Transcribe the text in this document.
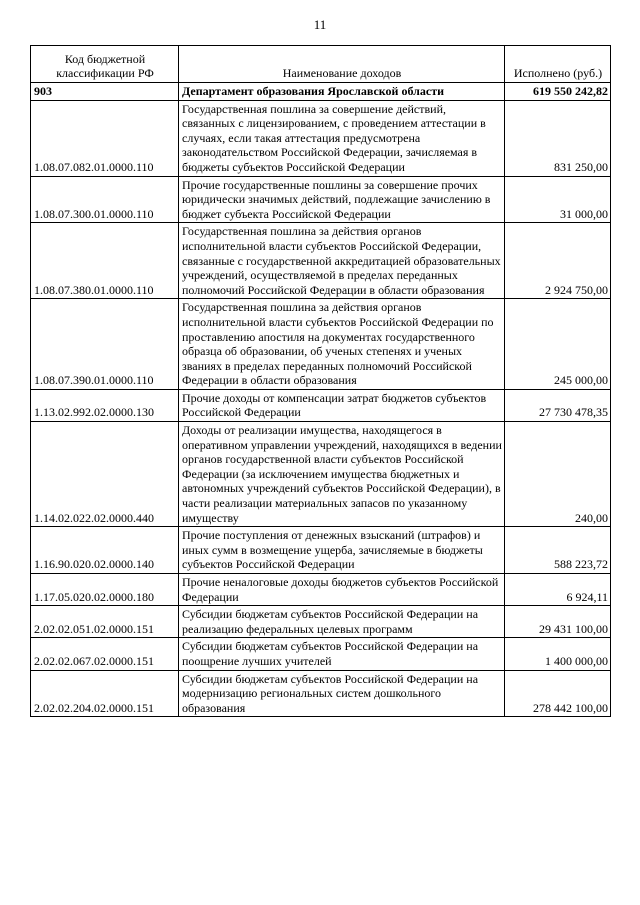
11
Код бюджетной классификации РФ	Наименование доходов	Исполнено (руб.)
903	Департамент образования Ярославской области	619 550 242,82
1.08.07.082.01.0000.110	Государственная пошлина за совершение действий, связанных с лицензированием, с проведением аттестации в случаях, если такая аттестация предусмотрена законодательством Российской Федерации, зачисляемая в бюджеты субъектов Российской Федерации	831 250,00
1.08.07.300.01.0000.110	Прочие государственные пошлины за совершение прочих юридически значимых действий, подлежащие зачислению в бюджет субъекта Российской Федерации	31 000,00
1.08.07.380.01.0000.110	Государственная пошлина за действия органов исполнительной власти субъектов Российской Федерации, связанные с государственной аккредитацией образовательных учреждений, осуществляемой в пределах переданных полномочий Российской Федерации в области образования	2 924 750,00
1.08.07.390.01.0000.110	Государственная пошлина за действия органов исполнительной власти субъектов Российской Федерации по проставлению апостиля на документах государственного образца об образовании, об ученых степенях и ученых званиях в пределах переданных полномочий Российской Федерации в области образования	245 000,00
1.13.02.992.02.0000.130	Прочие доходы от компенсации затрат бюджетов субъектов Российской Федерации	27 730 478,35
1.14.02.022.02.0000.440	Доходы от реализации имущества, находящегося в оперативном управлении учреждений, находящихся в ведении органов государственной власти субъектов Российской Федерации (за исключением имущества бюджетных и автономных учреждений субъектов Российской Федерации), в части реализации материальных запасов по указанному имуществу	240,00
1.16.90.020.02.0000.140	Прочие поступления от денежных взысканий (штрафов) и иных сумм в возмещение ущерба, зачисляемые в бюджеты субъектов Российской Федерации	588 223,72
1.17.05.020.02.0000.180	Прочие неналоговые доходы бюджетов субъектов Российской Федерации	6 924,11
2.02.02.051.02.0000.151	Субсидии бюджетам субъектов Российской Федерации на реализацию федеральных целевых программ	29 431 100,00
2.02.02.067.02.0000.151	Субсидии бюджетам субъектов Российской Федерации на поощрение лучших учителей	1 400 000,00
2.02.02.204.02.0000.151	Субсидии бюджетам субъектов Российской Федерации на модернизацию региональных систем дошкольного образования	278 442 100,00
